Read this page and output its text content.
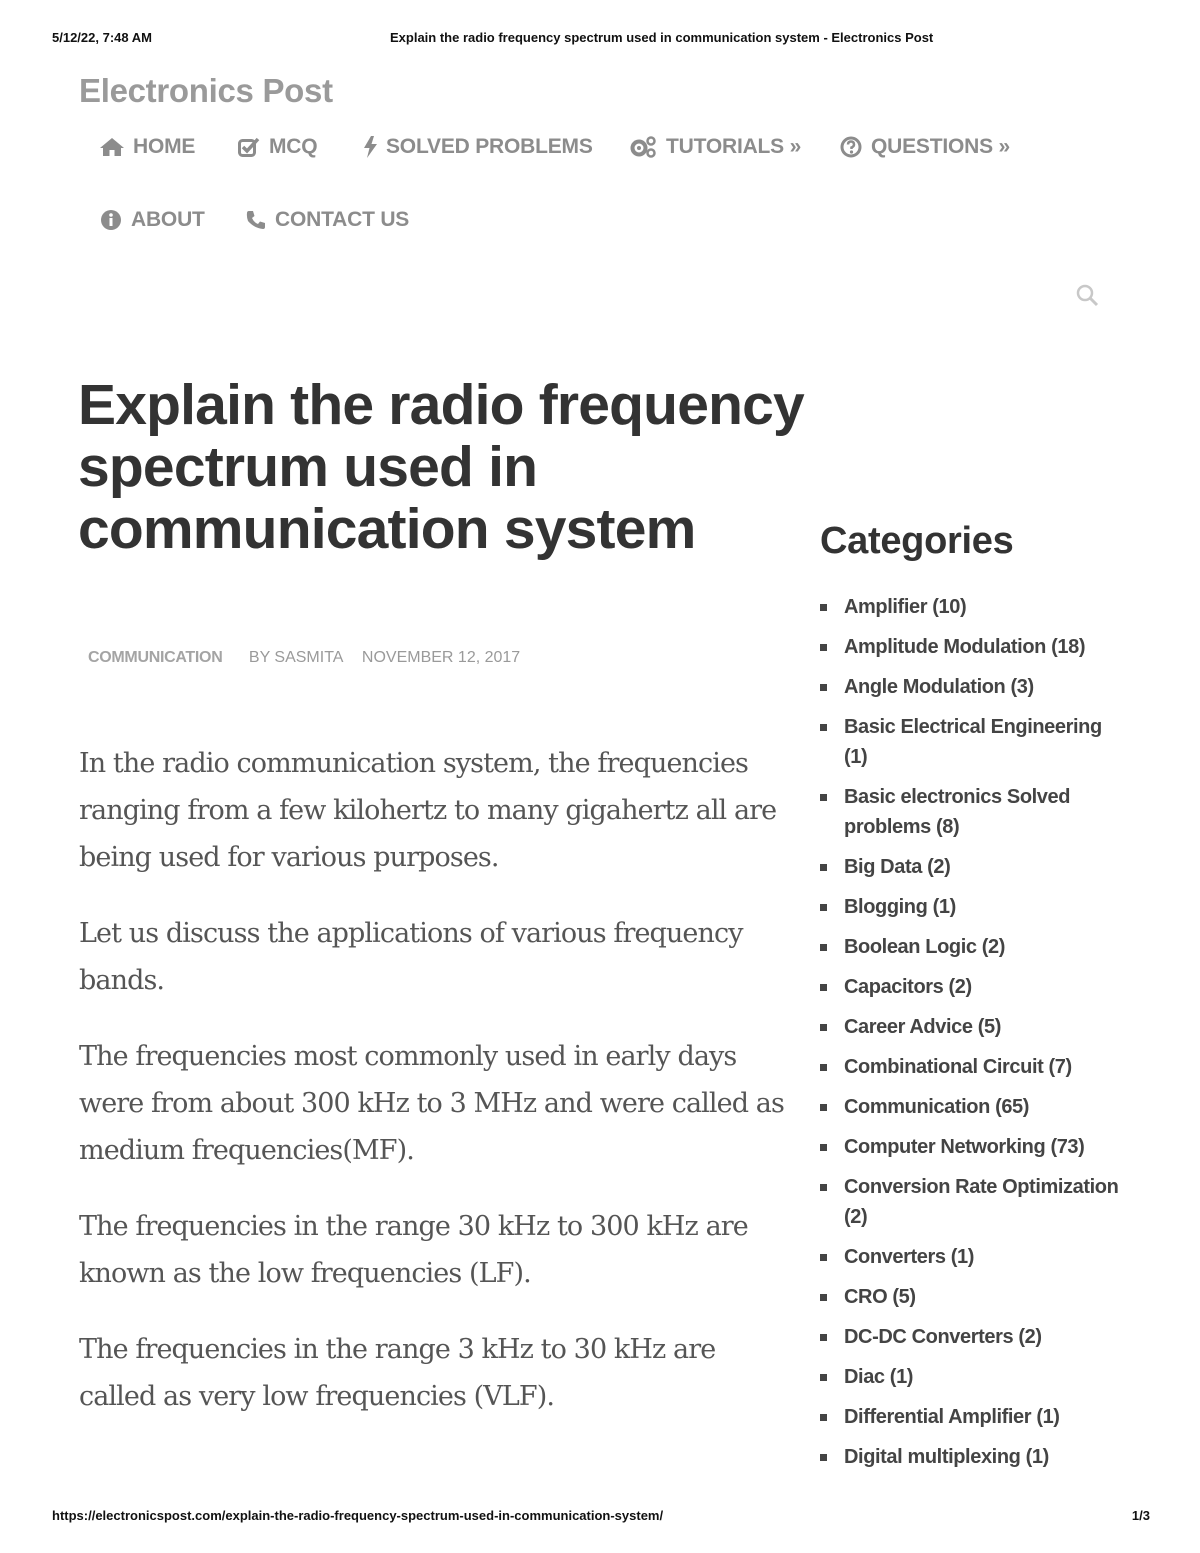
5/12/22, 7:48 AM	Explain the radio frequency spectrum used in communication system - Electronics Post
Electronics Post
HOME	MCQ	SOLVED PROBLEMS	TUTORIALS »	QUESTIONS »
ABOUT	CONTACT US
Explain the radio frequency spectrum used in communication system
COMMUNICATION BY SASMITA NOVEMBER 12, 2017

In the radio communication system, the frequencies ranging from a few kilohertz to many gigahertz all are being used for various purposes.

Let us discuss the applications of various frequency bands.

The frequencies most commonly used in early days were from about 300 kHz to 3 MHz and were called as medium frequencies(MF).

The frequencies in the range 30 kHz to 300 kHz are known as the low frequencies (LF).

The frequencies in the range 3 kHz to 30 kHz are called as very low frequencies (VLF).

Categories
Amplifier (10)
Amplitude Modulation (18)
Angle Modulation (3)
Basic Electrical Engineering (1)
Basic electronics Solved problems (8)
Big Data (2)
Blogging (1)
Boolean Logic (2)
Capacitors (2)
Career Advice (5)
Combinational Circuit (7)
Communication (65)
Computer Networking (73)
Conversion Rate Optimization (2)
Converters (1)
CRO (5)
DC-DC Converters (2)
Diac (1)
Differential Amplifier (1)
Digital multiplexing (1)
https://electronicspost.com/explain-the-radio-frequency-spectrum-used-in-communication-system/	1/3
